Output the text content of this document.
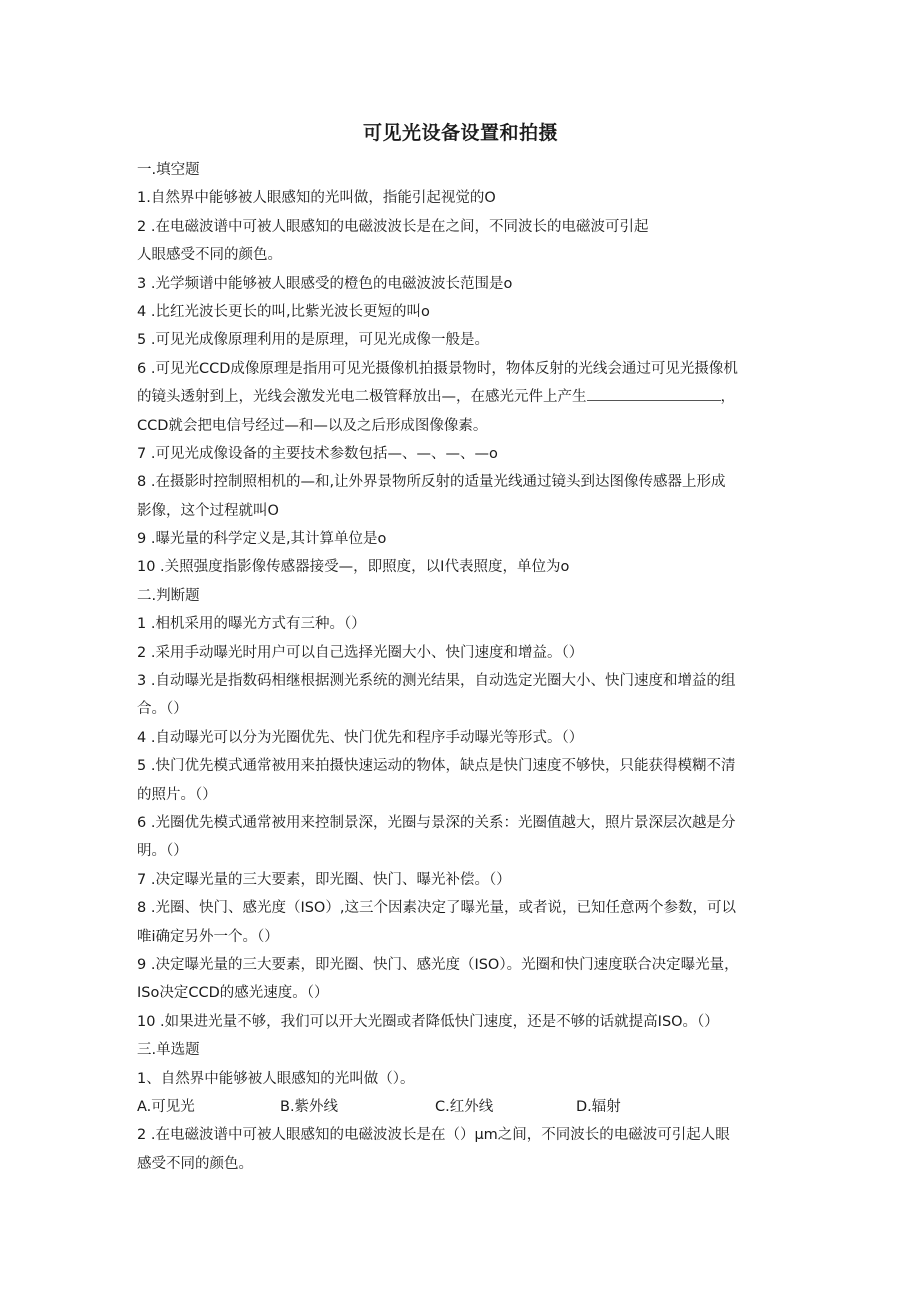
可见光设备设置和拍摄
一.填空题
1.自然界中能够被人眼感知的光叫做，指能引起视觉的O
2 .在电磁波谱中可被人眼感知的电磁波波长是在之间，不同波长的电磁波可引起
人眼感受不同的颜色。
3 .光学频谱中能够被人眼感受的橙色的电磁波波长范围是o
4 .比红光波长更长的叫,比紫光波长更短的叫o
5 .可见光成像原理利用的是原理，可见光成像一般是。
6 .可见光CCD成像原理是指用可见光摄像机拍摄景物时，物体反射的光线会通过可见光摄像机
的镜头透射到上，光线会激发光电二极管释放出—，在感光元件上产生	，
CCD就会把电信号经过—和—以及之后形成图像像素。
7 .可见光成像设备的主要技术参数包括—、—、—、—o
8 .在摄影时控制照相机的—和,让外界景物所反射的适量光线通过镜头到达图像传感器上形成
影像，这个过程就叫O
9 .曝光量的科学定义是,其计算单位是o
10 .关照强度指影像传感器接受—，即照度，以I代表照度，单位为o
二.判断题
1 .相机采用的曝光方式有三种。（）
2 .采用手动曝光时用户可以自己选择光圈大小、快门速度和增益。（）
3 .自动曝光是指数码相继根据测光系统的测光结果，自动选定光圈大小、快门速度和增益的组
合。（）
4 .自动曝光可以分为光圈优先、快门优先和程序手动曝光等形式。（）
5 .快门优先模式通常被用来拍摄快速运动的物体，缺点是快门速度不够快，只能获得模糊不清
的照片。（）
6 .光圈优先模式通常被用来控制景深，光圈与景深的关系：光圈值越大，照片景深层次越是分
明。（）
7 .决定曝光量的三大要素，即光圈、快门、曝光补偿。（）
8 .光圈、快门、感光度（ISO）,这三个因素决定了曝光量，或者说，已知任意两个参数，可以
唯i确定另外一个。（）
9 .决定曝光量的三大要素，即光圈、快门、感光度（ISO）。光圈和快门速度联合决定曝光量，
ISo决定CCD的感光速度。（）
10 .如果进光量不够，我们可以开大光圈或者降低快门速度，还是不够的话就提高ISO。（）
三.单选题
1、自然界中能够被人眼感知的光叫做（）。
A.可见光	B.紫外线	C.红外线	D.辐射
2 .在电磁波谱中可被人眼感知的电磁波波长是在（）μm之间，不同波长的电磁波可引起人眼
感受不同的颜色。
